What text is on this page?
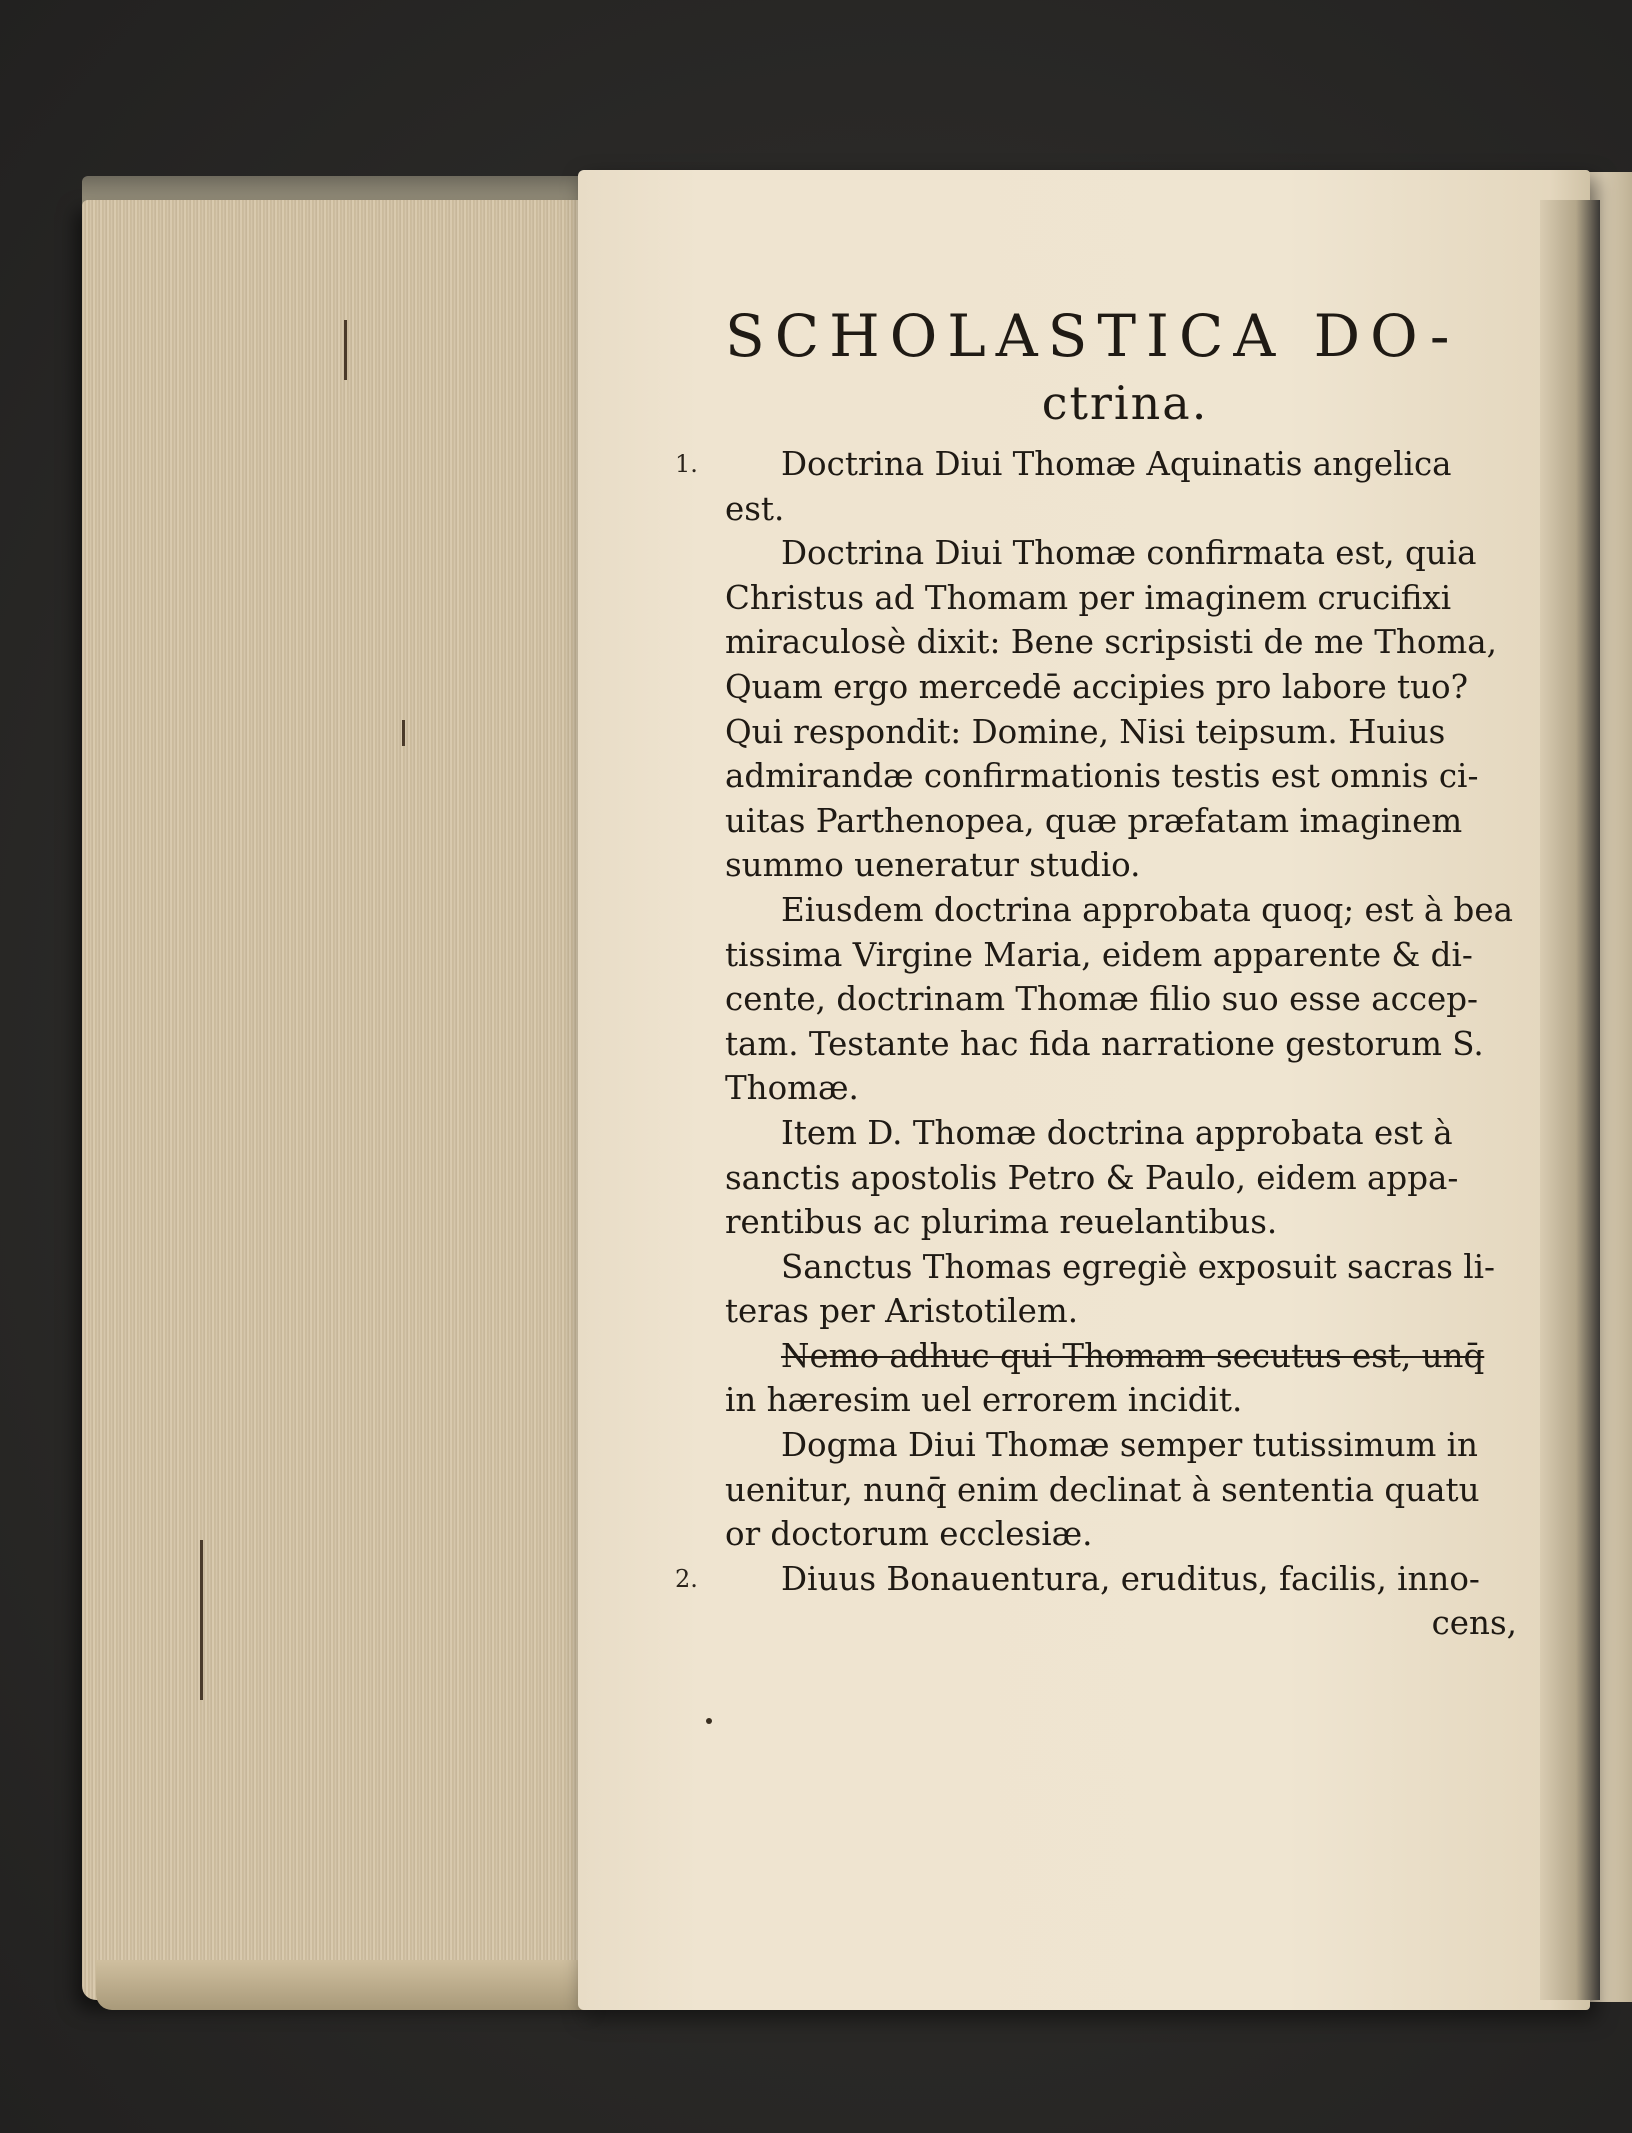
SCHOLASTICA DO-
ctrina.

1.	Doctrina Diui Thomæ Aquinatis angelica

est.

Doctrina Diui Thomæ confirmata est, quia

Christus ad Thomam per imaginem crucifixi

miraculosè dixit: Bene scripsisti de me Thoma,

Quam ergo mercedē accipies pro labore tuo?

Qui respondit: Domine, Nisi teipsum. Huius

admirandæ confirmationis testis est omnis ci-

uitas Parthenopea, quæ præfatam imaginem

summo ueneratur studio.

Eiusdem doctrina approbata quoq; est à bea

tissima Virgine Maria, eidem apparente & di-

cente, doctrinam Thomæ filio suo esse accep-

tam. Testante hac fida narratione gestorum S.

Thomæ.

Item D. Thomæ doctrina approbata est à

sanctis apostolis Petro & Paulo, eidem appa-

rentibus ac plurima reuelantibus.

Sanctus Thomas egregiè exposuit sacras li-

teras per Aristotilem.

Nemo adhuc qui Thomam secutus est, unq̄

in hæresim uel errorem incidit.

Dogma Diui Thomæ semper tutissimum in

uenitur, nunq̄ enim declinat à sententia quatu

or doctorum ecclesiæ.

2.	Diuus Bonauentura, eruditus, facilis, inno-

cens,
